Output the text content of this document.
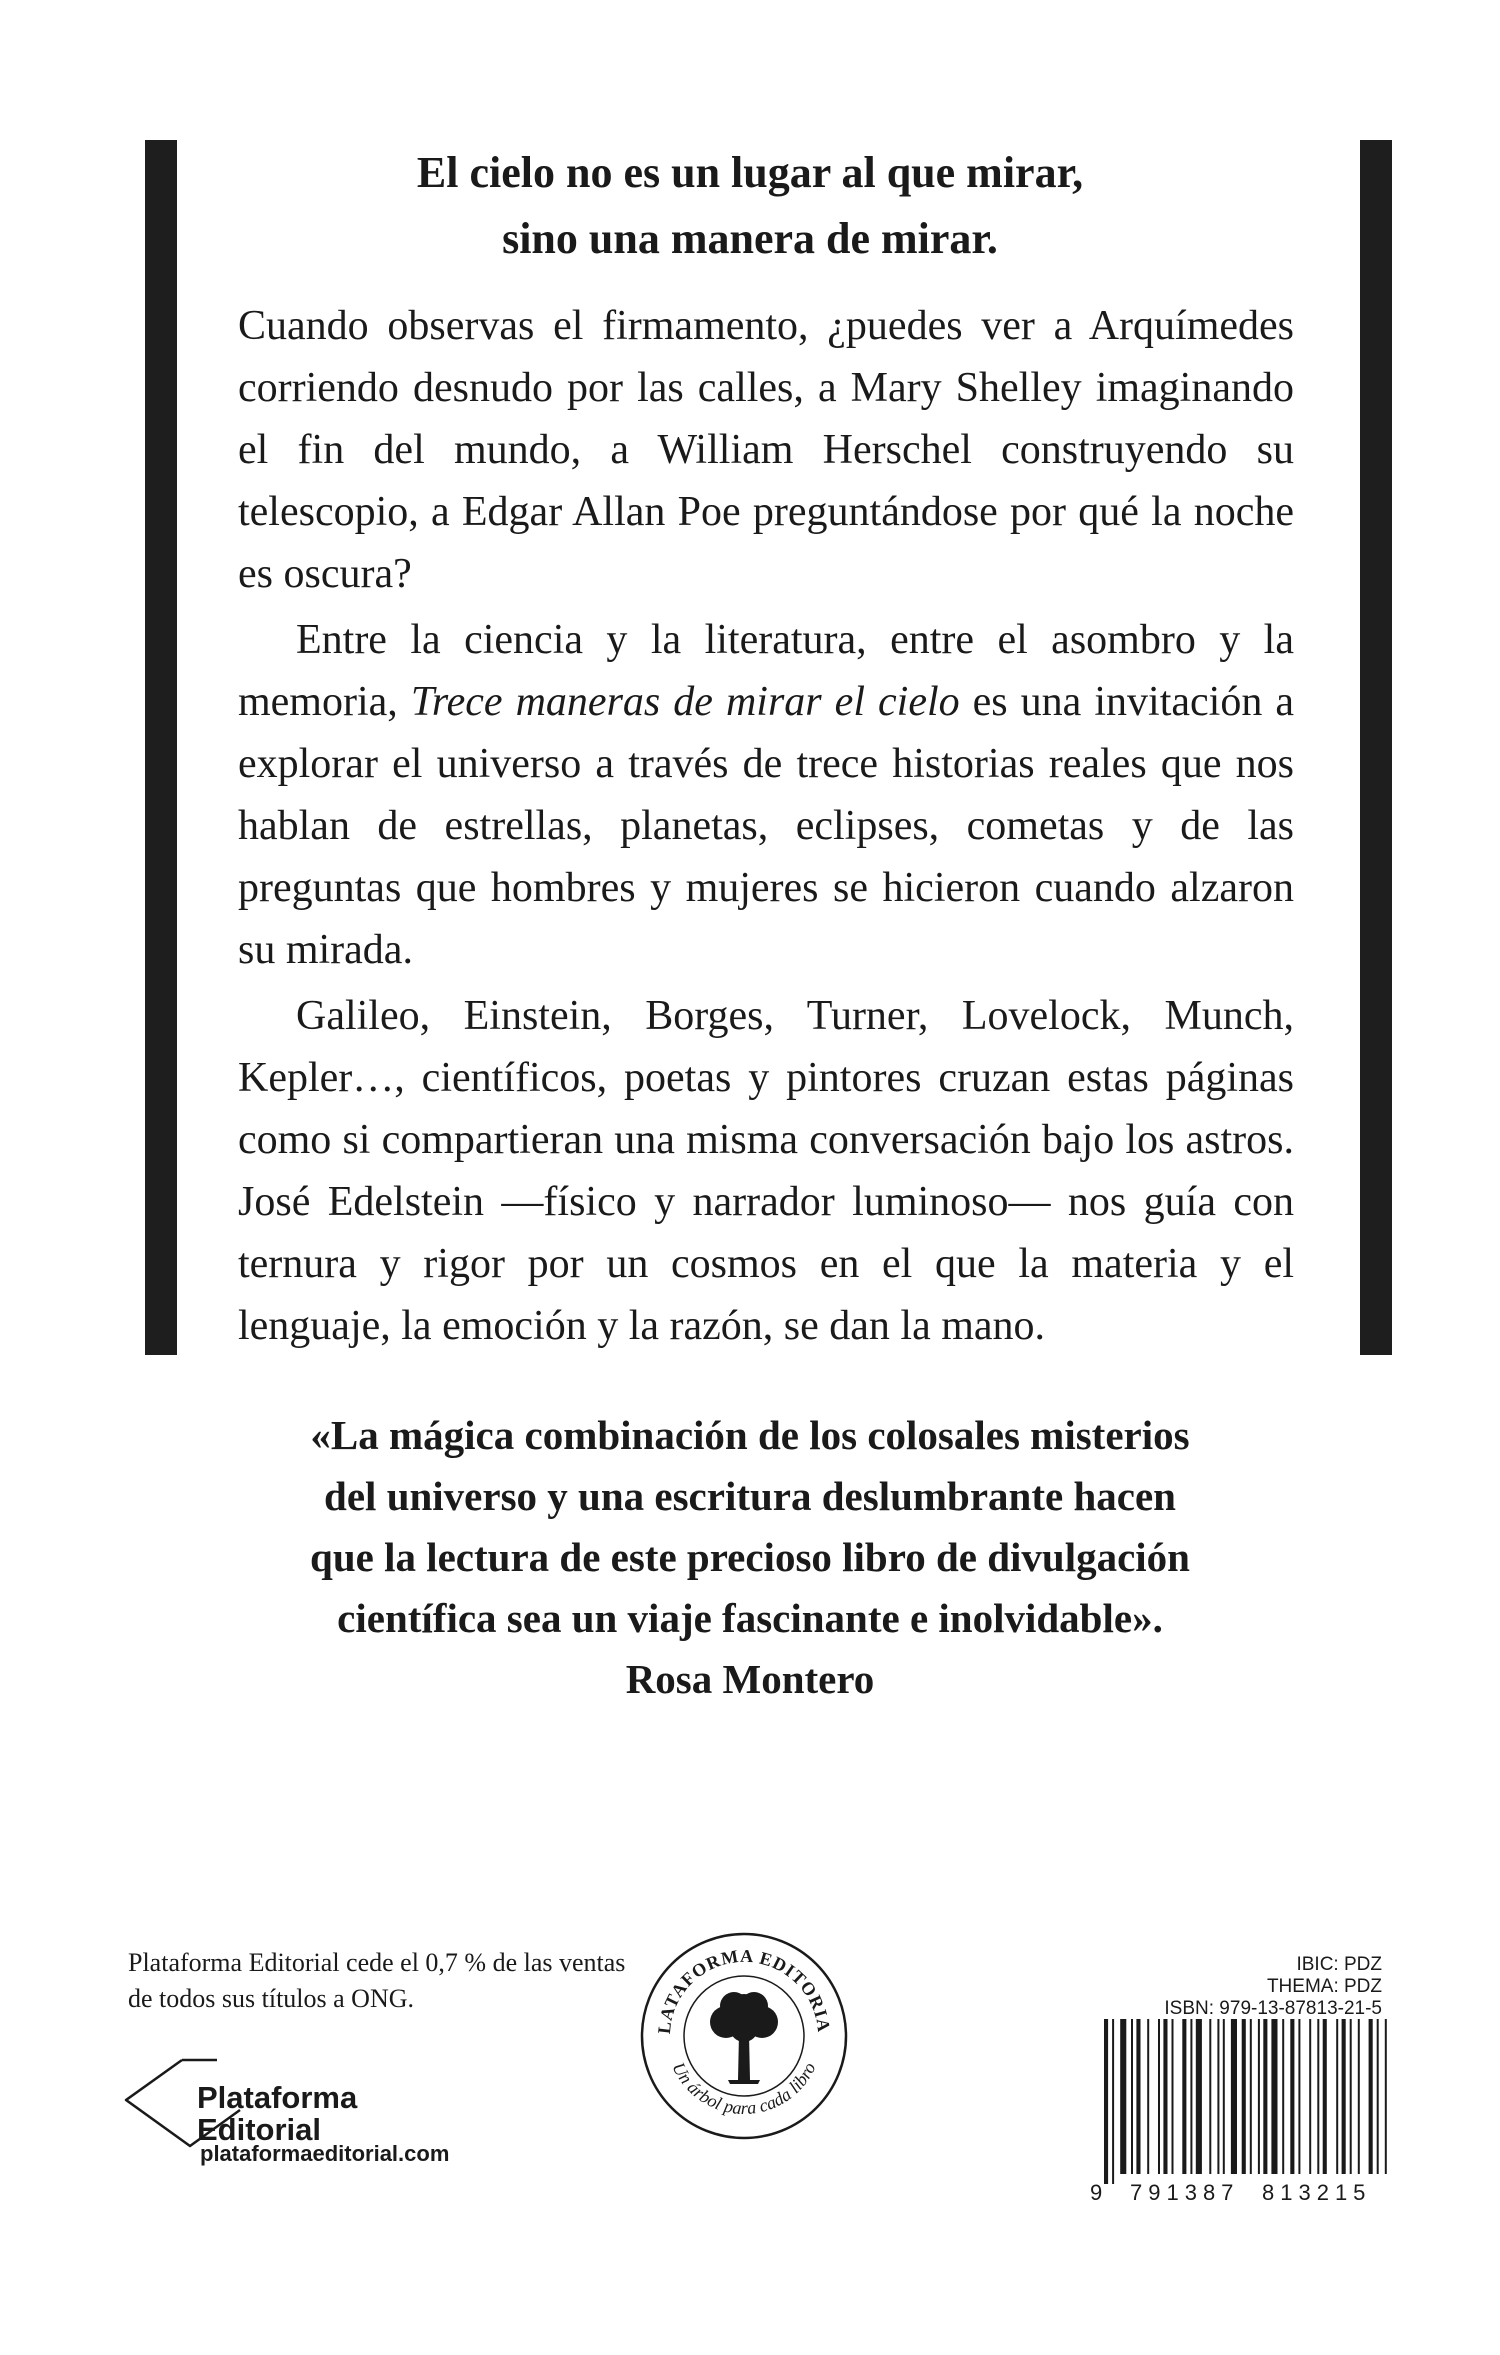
El cielo no es un lugar al que mirar,
sino una manera de mirar.

Cuando observas el firmamento, ¿puedes ver a Arquímedes corriendo desnudo por las calles, a Mary Shelley imaginando el fin del mundo, a William Herschel construyendo su telescopio, a Edgar Allan Poe preguntándose por qué la noche es oscura?

Entre la ciencia y la literatura, entre el asombro y la memoria, Trece maneras de mirar el cielo es una invitación a explorar el universo a través de trece historias reales que nos hablan de estrellas, planetas, eclipses, cometas y de las preguntas que hombres y mujeres se hicieron cuando alzaron su mirada.

Galileo, Einstein, Borges, Turner, Lovelock, Munch, Kepler…, científicos, poetas y pintores cruzan estas páginas como si compartieran una misma conversación bajo los astros. José Edelstein —físico y narrador luminoso— nos guía con ternura y rigor por un cosmos en el que la materia y el lenguaje, la emoción y la razón, se dan la mano.

«La mágica combinación de los colosales misterios
del universo y una escritura deslumbrante hacen
que la lectura de este precioso libro de divulgación
científica sea un viaje fascinante e inolvidable».
Rosa Montero
Plataforma Editorial cede el 0,7 % de las ventas
de todos sus títulos a ONG.
Plataforma
Editorial
plataformaeditorial.com
LATAFORMA EDITORIA
Un árbol para cada libro
IBIC: PDZ
THEMA: PDZ
ISBN: 979-13-87813-21-5
9 791387 813215
